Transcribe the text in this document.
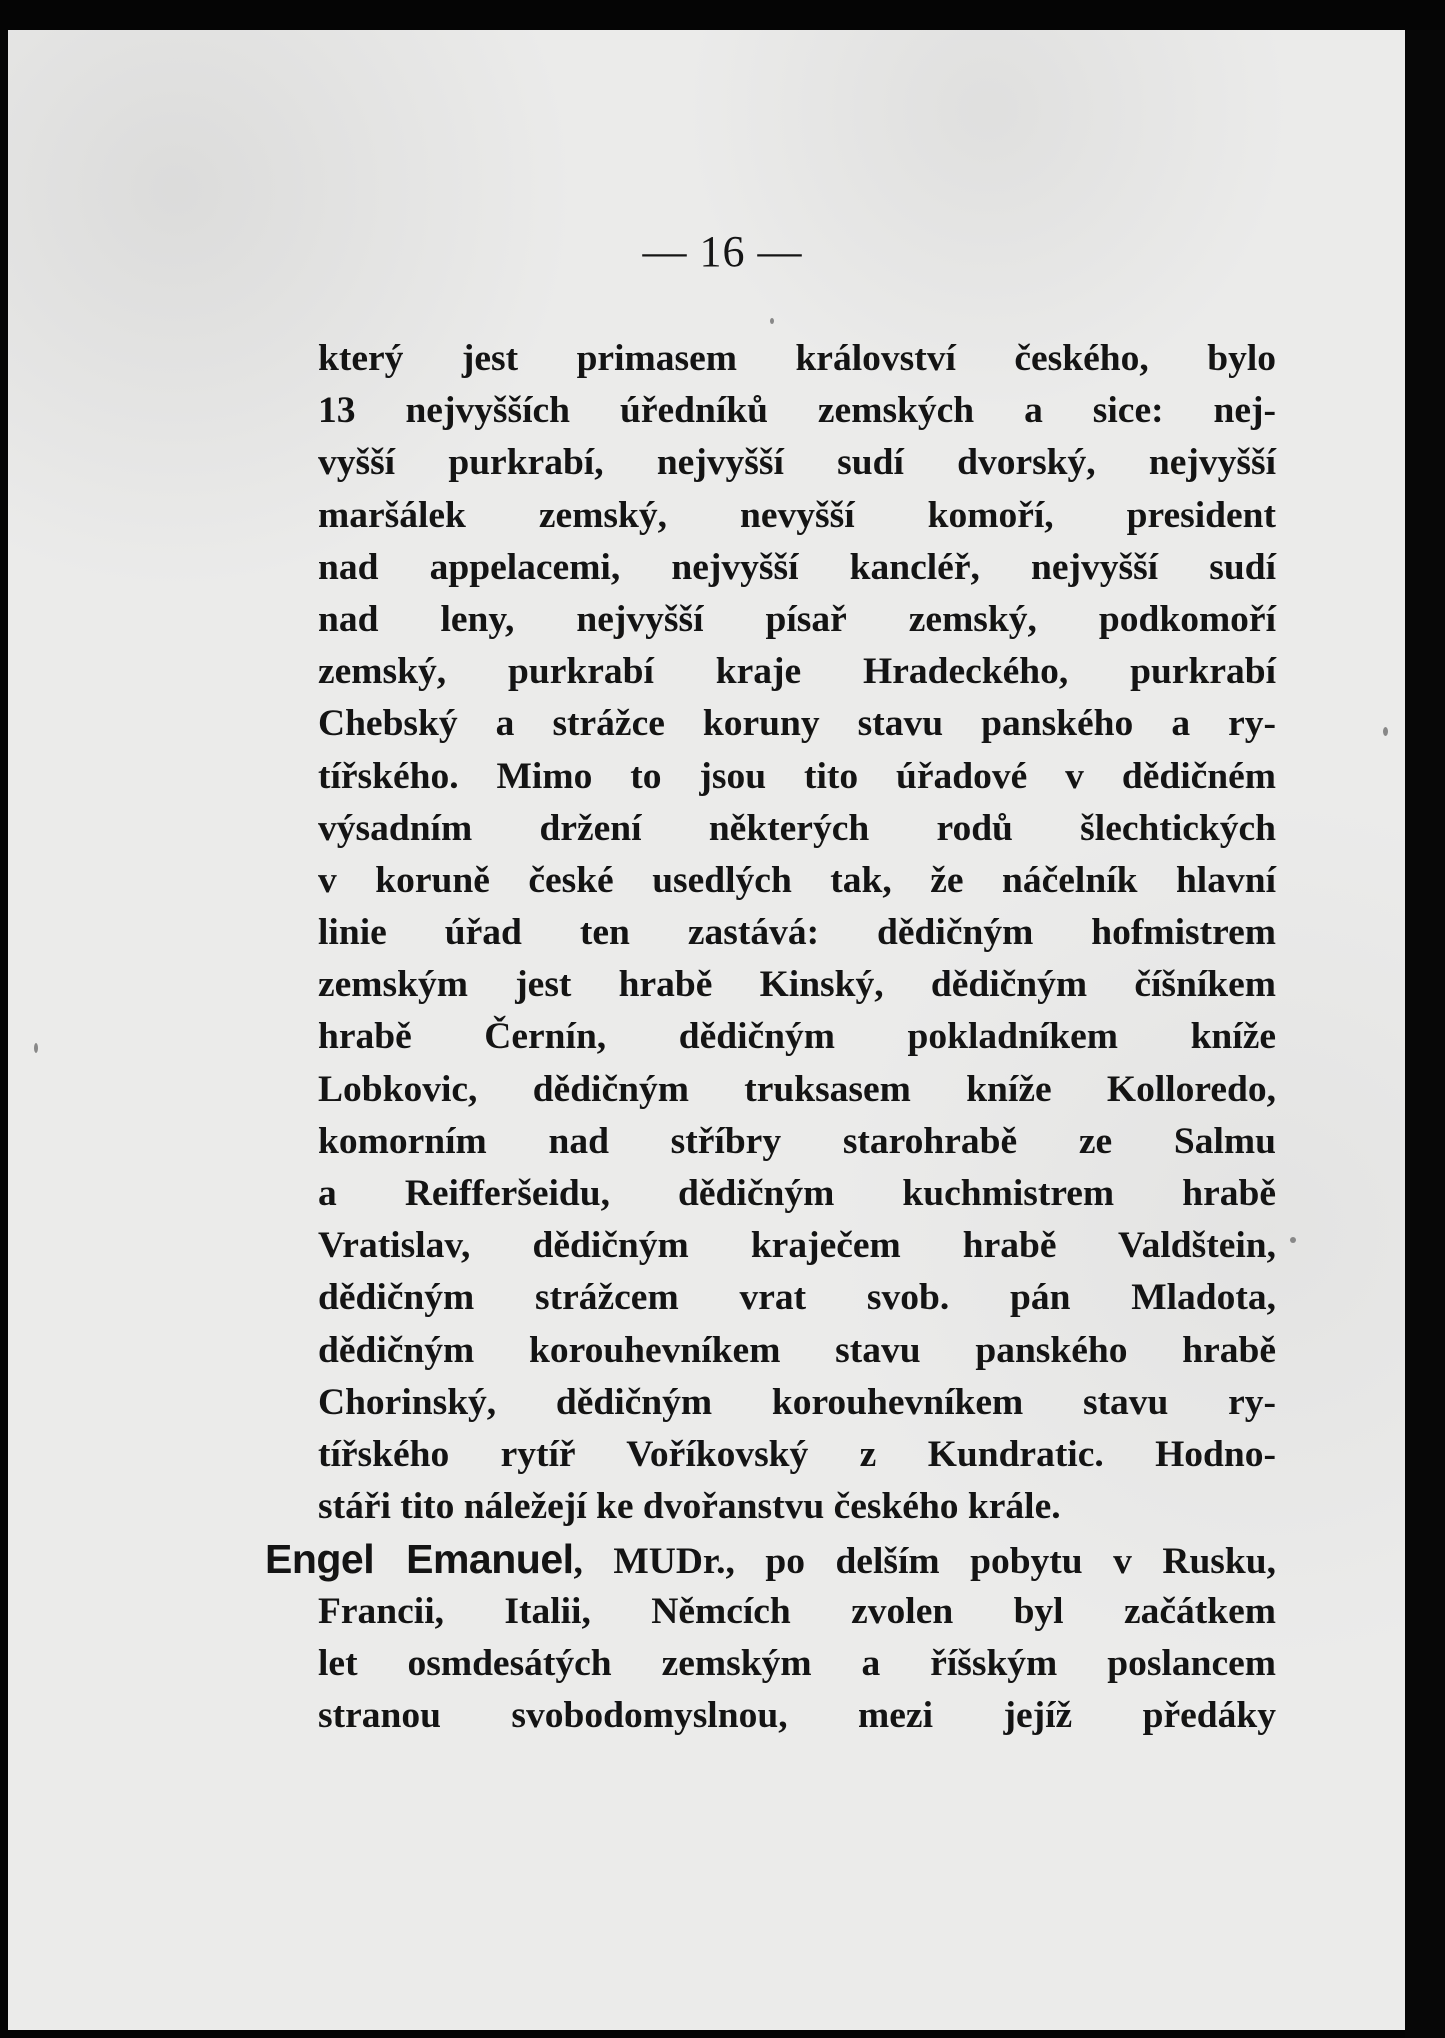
— 16 —
který jest primasem království českého, bylo
13 nejvyšších úředníků zemských a sice: nej-
vyšší purkrabí, nejvyšší sudí dvorský, nejvyšší
maršálek zemský, nevyšší komoří, president
nad appelacemi, nejvyšší kancléř, nejvyšší sudí
nad leny, nejvyšší písař zemský, podkomoří
zemský, purkrabí kraje Hradeckého, purkrabí
Chebský a strážce koruny stavu panského a ry-
tířského. Mimo to jsou tito úřadové v dědičném
výsadním držení některých rodů šlechtických
v koruně české usedlých tak, že náčelník hlavní
linie úřad ten zastává: dědičným hofmistrem
zemským jest hrabě Kinský, dědičným číšníkem
hrabě Černín, dědičným pokladníkem kníže
Lobkovic, dědičným truksasem kníže Kolloredo,
komorním nad stříbry starohrabě ze Salmu
a Reifferšeidu, dědičným kuchmistrem hrabě
Vratislav, dědičným kraječem hrabě Valdštein,
dědičným strážcem vrat svob. pán Mladota,
dědičným korouhevníkem stavu panského hrabě
Chorinský, dědičným korouhevníkem stavu ry-
tířského rytíř Voříkovský z Kundratic. Hodno-
stáři tito náležejí ke dvořanstvu českého krále.
Engel Emanuel, MUDr., po delším pobytu v Rusku,
Francii, Italii, Němcích zvolen byl začátkem
let osmdesátých zemským a říšským poslancem
stranou svobodomyslnou, mezi jejíž předáky
